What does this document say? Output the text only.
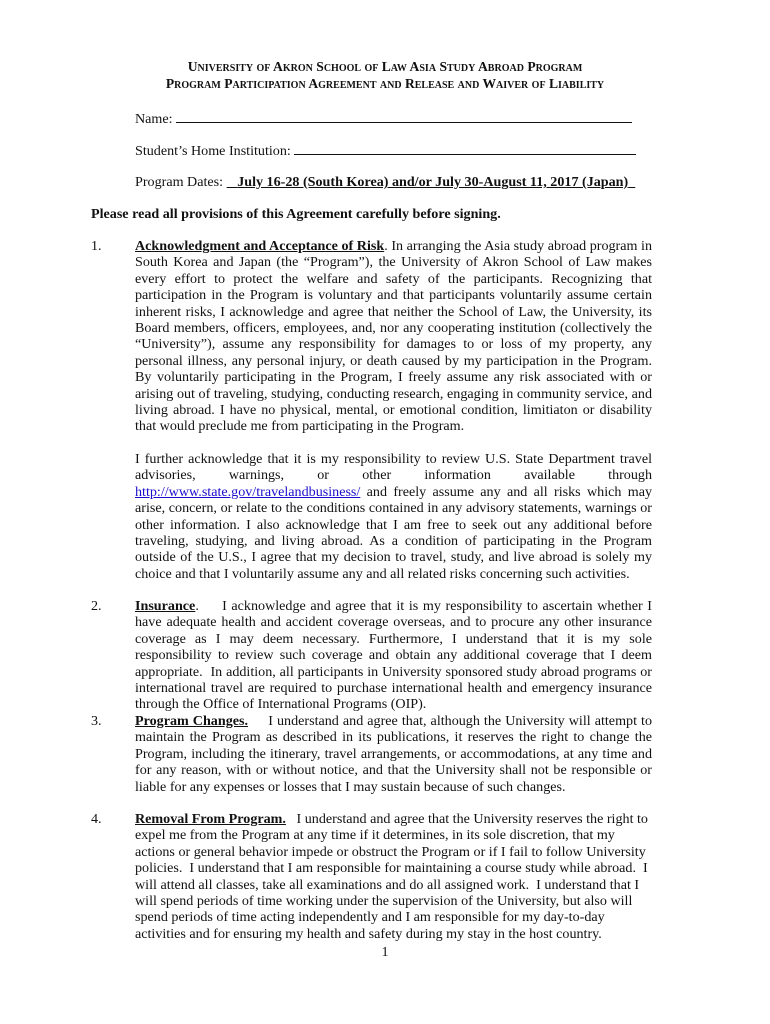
University of Akron School of Law Asia Study Abroad Program
Program Participation Agreement and Release and Waiver of Liability
Name:
Student’s Home Institution:
Program Dates: July 16-28 (South Korea) and/or July 30-August 11, 2017 (Japan)
Please read all provisions of this Agreement carefully before signing.
1. Acknowledgment and Acceptance of Risk. In arranging the Asia study abroad program in South Korea and Japan (the “Program”), the University of Akron School of Law makes every effort to protect the welfare and safety of the participants. Recognizing that participation in the Program is voluntary and that participants voluntarily assume certain inherent risks, I acknowledge and agree that neither the School of Law, the University, its Board members, officers, employees, and, nor any cooperating institution (collectively the “University”), assume any responsibility for damages to or loss of my property, any personal illness, any personal injury, or death caused by my participation in the Program. By voluntarily participating in the Program, I freely assume any risk associated with or arising out of traveling, studying, conducting research, engaging in community service, and living abroad. I have no physical, mental, or emotional condition, limitiaton or disability that would preclude me from participating in the Program.

I further acknowledge that it is my responsibility to review U.S. State Department travel advisories, warnings, or other information available through http://www.state.gov/travelandbusiness/ and freely assume any and all risks which may arise, concern, or relate to the conditions contained in any advisory statements, warnings or other information. I also acknowledge that I am free to seek out any additional before traveling, studying, and living abroad. As a condition of participating in the Program outside of the U.S., I agree that my decision to travel, study, and live abroad is solely my choice and that I voluntarily assume any and all related risks concerning such activities.

2. Insurance.     I acknowledge and agree that it is my responsibility to ascertain whether I have adequate health and accident coverage overseas, and to procure any other insurance coverage as I may deem necessary. Furthermore, I understand that it is my sole responsibility to review such coverage and obtain any additional coverage that I deem appropriate.  In addition, all participants in University sponsored study abroad programs or international travel are required to purchase international health and emergency insurance through the Office of International Programs (OIP).

3. Program Changes.     I understand and agree that, although the University will attempt to maintain the Program as described in its publications, it reserves the right to change the Program, including the itinerary, travel arrangements, or accommodations, at any time and for any reason, with or without notice, and that the University shall not be responsible or liable for any expenses or losses that I may sustain because of such changes.

4. Removal From Program.   I understand and agree that the University reserves the right to expel me from the Program at any time if it determines, in its sole discretion, that my actions or general behavior impede or obstruct the Program or if I fail to follow University policies.  I understand that I am responsible for maintaining a course study while abroad.  I will attend all classes, take all examinations and do all assigned work.  I understand that I will spend periods of time working under the supervision of the University, but also will spend periods of time acting independently and I am responsible for my day-to-day activities and for ensuring my health and safety during my stay in the host country.

1
